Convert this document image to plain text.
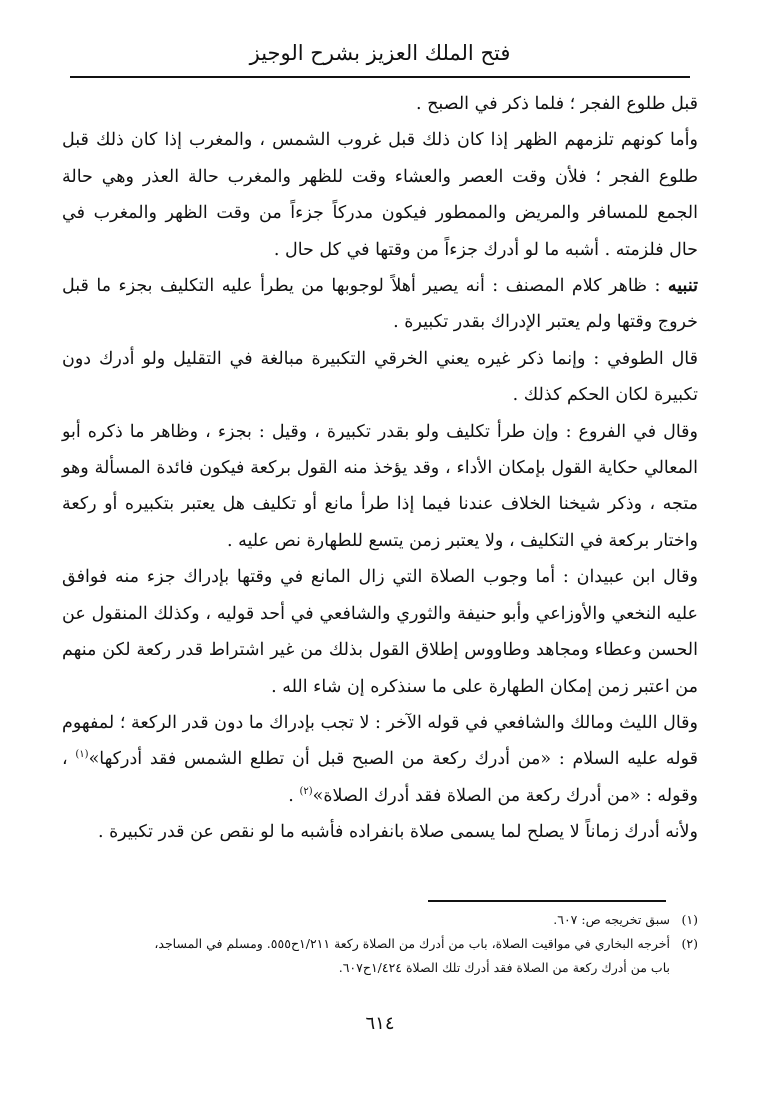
فتح الملك العزيز بشرح الوجيز

قبل طلوع الفجر ؛ فلما ذكر في الصبح .

وأما كونهم تلزمهم الظهر إذا كان ذلك قبل غروب الشمس ، والمغرب إذا كان ذلك قبل طلوع الفجر ؛ فلأن وقت العصر والعشاء وقت للظهر والمغرب حالة العذر وهي حالة الجمع للمسافر والمريض والممطور فيكون مدركاً جزءاً من وقت الظهر والمغرب في حال فلزمته . أشبه ما لو أدرك جزءاً من وقتها في كل حال .

تنبيه : ظاهر كلام المصنف : أنه يصير أهلاً لوجوبها من يطرأ عليه التكليف بجزء ما قبل خروج وقتها ولم يعتبر الإدراك بقدر تكبيرة .

قال الطوفي : وإنما ذكر غيره يعني الخرقي التكبيرة مبالغة في التقليل ولو أدرك دون تكبيرة لكان الحكم كذلك .

وقال في الفروع : وإن طرأ تكليف ولو بقدر تكبيرة ، وقيل : بجزء ، وظاهر ما ذكره أبو المعالي حكاية القول بإمكان الأداء ، وقد يؤخذ منه القول بركعة فيكون فائدة المسألة وهو متجه ، وذكر شيخنا الخلاف عندنا فيما إذا طرأ مانع أو تكليف هل يعتبر بتكبيره أو ركعة واختار بركعة في التكليف ، ولا يعتبر زمن يتسع للطهارة نص عليه .

وقال ابن عبيدان : أما وجوب الصلاة التي زال المانع في وقتها بإدراك جزء منه فوافق عليه النخعي والأوزاعي وأبو حنيفة والثوري والشافعي في أحد قوليه ، وكذلك المنقول عن الحسن وعطاء ومجاهد وطاووس إطلاق القول بذلك من غير اشتراط قدر ركعة لكن منهم من اعتبر زمن إمكان الطهارة على ما سنذكره إن شاء الله .

وقال الليث ومالك والشافعي في قوله الآخر : لا تجب بإدراك ما دون قدر الركعة ؛ لمفهوم قوله عليه السلام : «من أدرك ركعة من الصبح قبل أن تطلع الشمس فقد أدركها»$^{(١)}$ ، وقوله : «من أدرك ركعة من الصلاة فقد أدرك الصلاة»$^{(٢)}$ .

ولأنه أدرك زماناً لا يصلح لما يسمى صلاة بانفراده فأشبه ما لو نقص عن قدر تكبيرة .

(١)سبق تخريجه ص: ٦٠٧.

(٢)أخرجه البخاري في مواقيت الصلاة، باب من أدرك من الصلاة ركعة ١/٢١١ح٥٥٥. ومسلم في المساجد،

باب من أدرك ركعة من الصلاة فقد أدرك تلك الصلاة ١/٤٢٤ح٦٠٧.

٦١٤
